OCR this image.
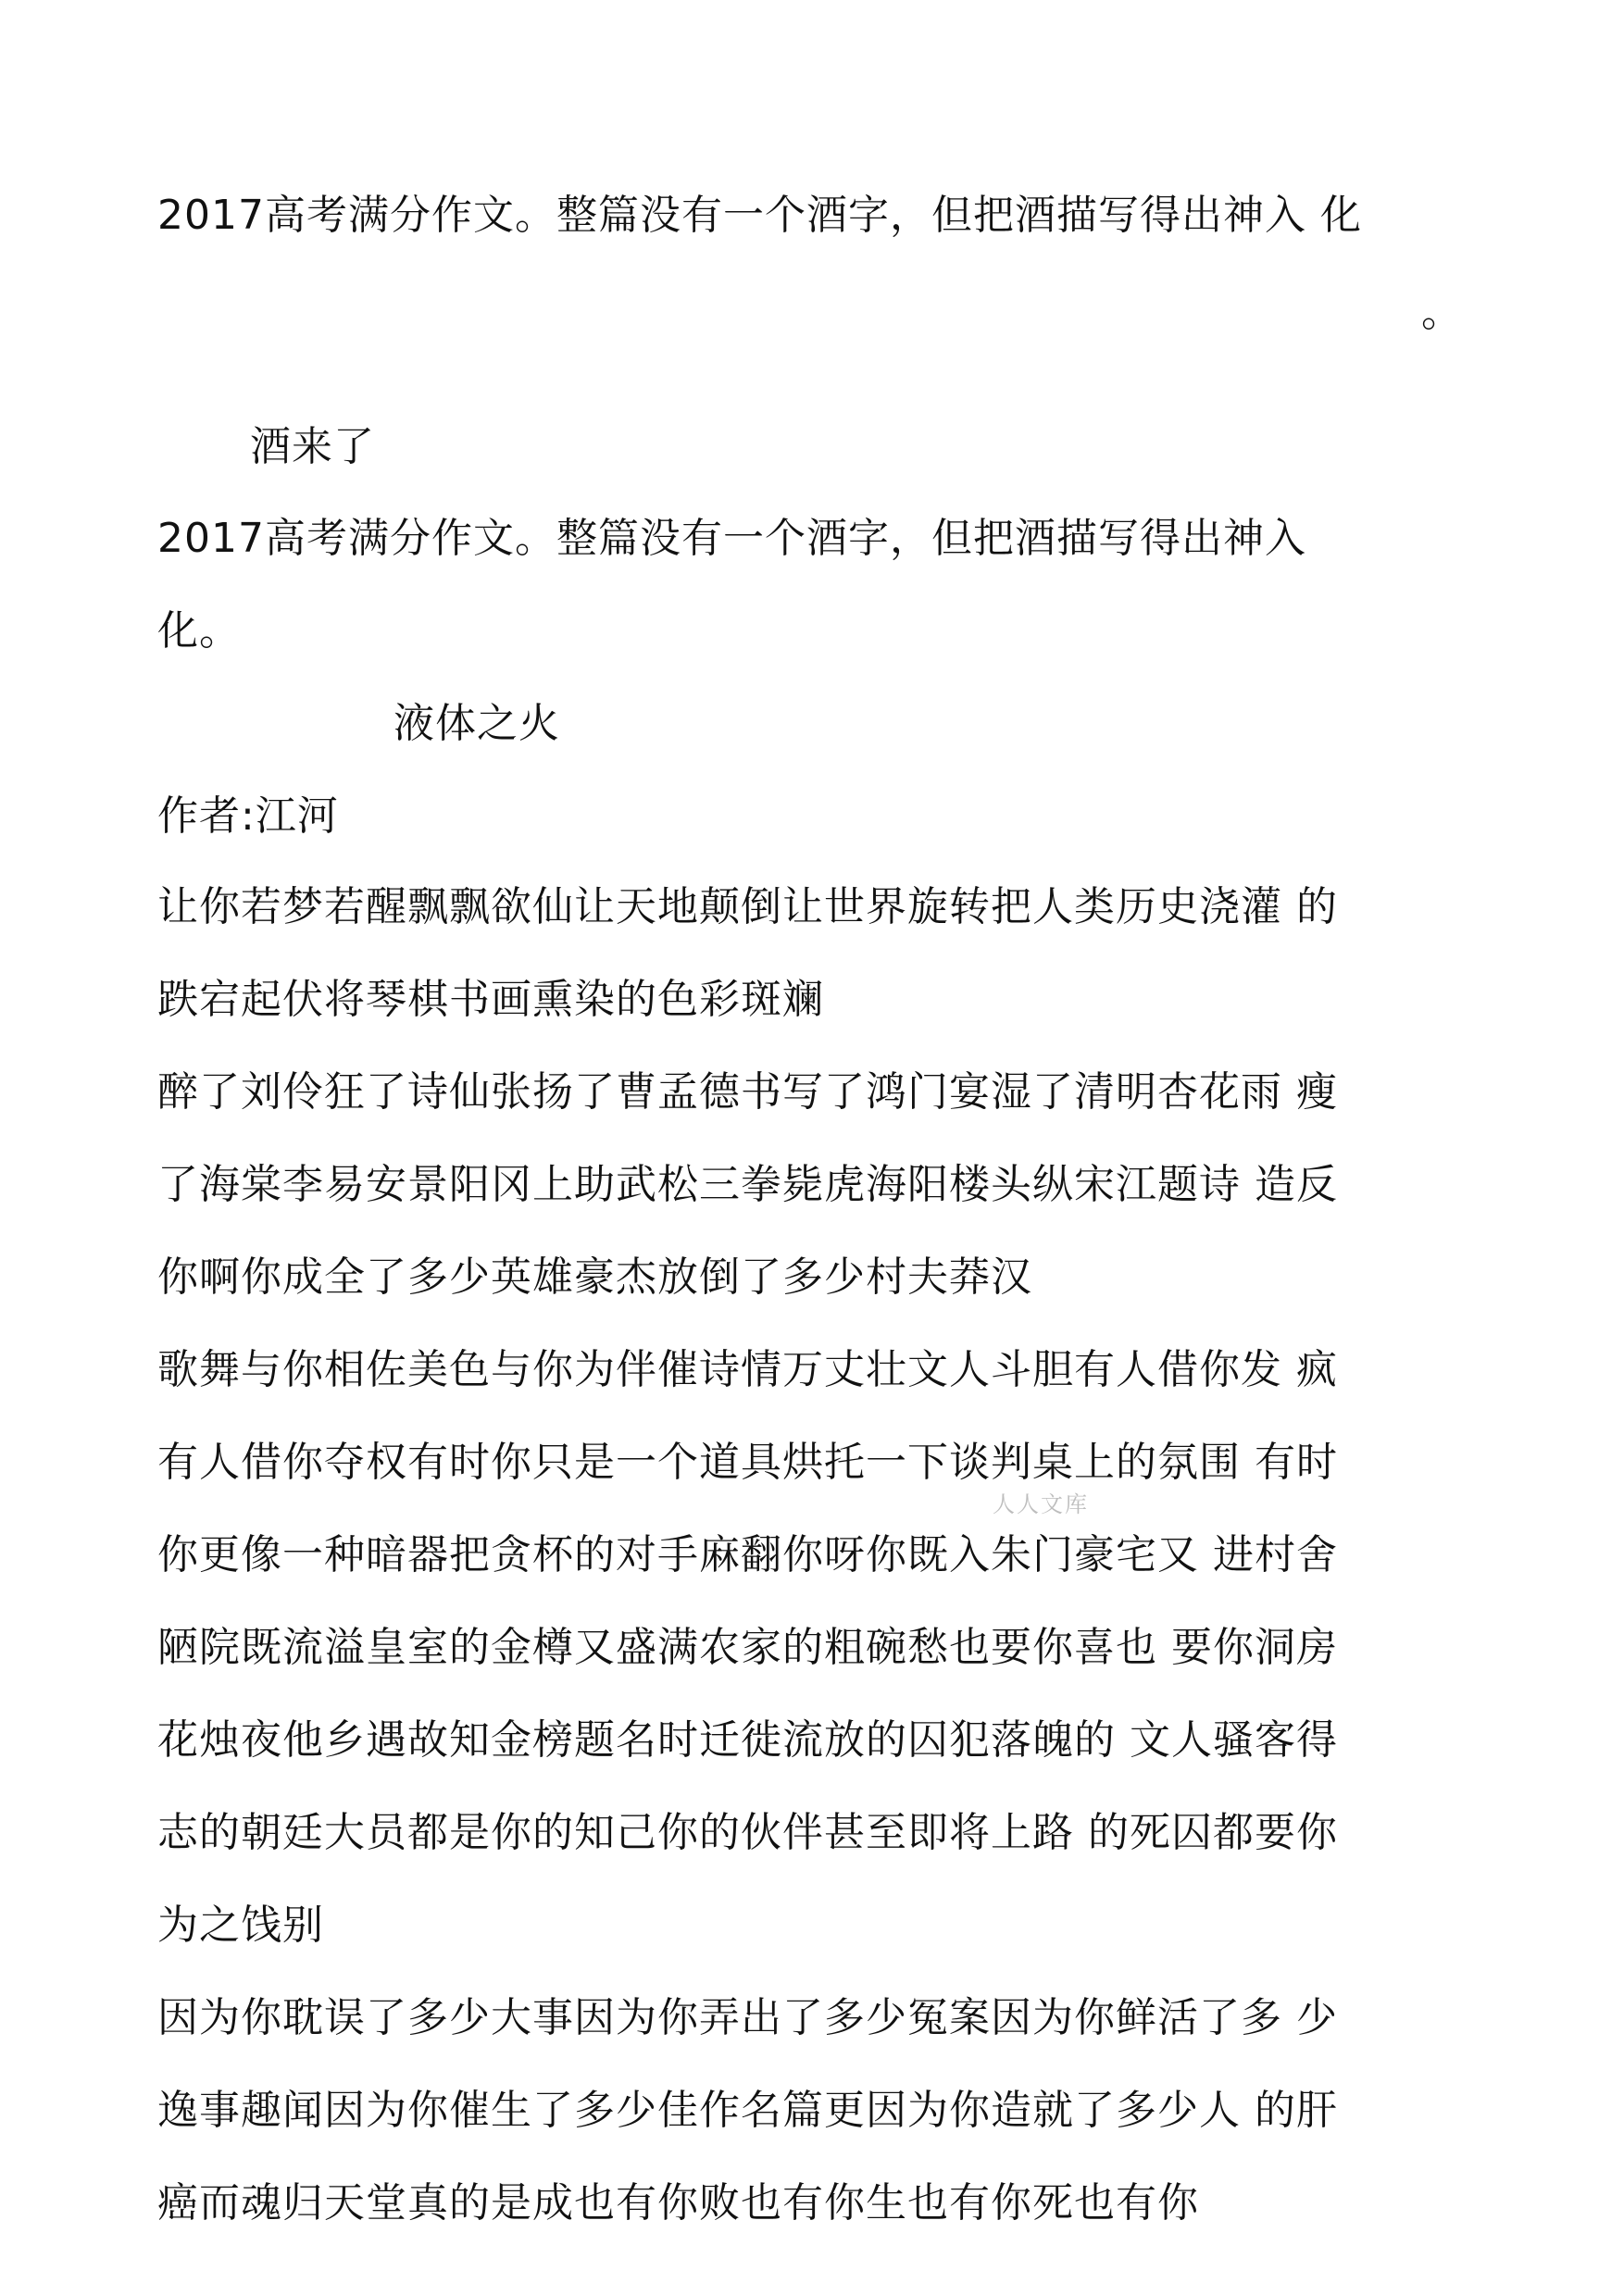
2017高考满分作文。整篇没有一个酒字，但把酒描写得出神入 化
。
酒来了
2017高考满分作文。整篇没有一个酒字，但把酒描写得出神入
化。
液体之火
作者:江河
让你若梦若醒飘飘欲仙让天地颠倒让世界旋转把人类历史浇灌 的
跌宕起伏将琴棋书画熏染的色彩斑斓
醉了刘伶狂了诗仙张扬了曹孟德书写了鸿门宴湿了清明杏花雨 瘦
了海棠李易安景阳冈上助武松三拳毙虎海阳楼头纵宋江题诗 造反
你啊你成全了多少英雄豪杰放倒了多少村夫莽汉
歌舞与你相佐美色与你为伴催诗情万丈壮文人斗胆有人借你发 疯
有人借你夺权有时你只是一个道具烘托一下谈判桌上的氛围 有时
你更像一种暗器把贪杯的对手麻翻你呀你既入朱门豪宅又 进村舍
陋院既流溢皇室的金樽又盛满农家的粗碗愁也要你喜也 要你洞房
花烛夜他乡遇故知金榜题名时迁徙流放的囚犯落魄的 文人骚客得
志的朝廷大员都是你的知己你的伙伴甚至即将上路 的死囚都要你
为之饯别
因为你耽误了多少大事因为你弄出了多少冤案因为你鲜活了多 少
逸事趣闻因为你催生了多少佳作名篇更因为你造就了多少人 的肝
癌而魂归天堂真的是成也有你败也有你生也有你死也有你
人人文库
